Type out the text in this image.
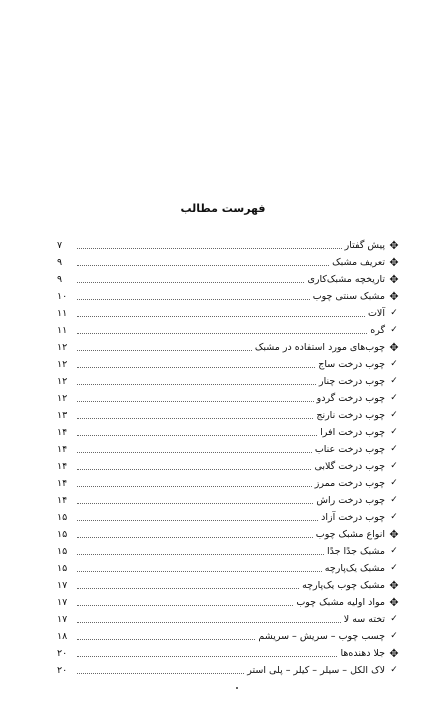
فهرست مطالب
✥
پیش گفتار
۷
✥
تعریف مشبک
۹
✥
تاریخچه مشبک‌کاری
۹
✥
مشبک سنتی چوب
۱۰
✓
آلات
۱۱
✓
گره
۱۱
✥
چوب‌های مورد استفاده در مشبک
۱۲
✓
چوب درخت ساج
۱۲
✓
چوب درخت چنار
۱۲
✓
چوب درخت گردو
۱۲
✓
چوب درخت نارنج
۱۳
✓
چوب درخت افرا
۱۴
✓
چوب درخت عناب
۱۴
✓
چوب درخت گلابی
۱۴
✓
چوب درخت ممرز
۱۴
✓
چوب درخت راش
۱۴
✓
چوب درخت آزاد
۱۵
✥
انواع مشبک چوب
۱۵
✓
مشبک جدًا جدًا
۱۵
✓
مشبک یک‌پارچه
۱۵
✥
مشبک چوب یک‌پارچه
۱۷
✥
مواد اولیه مشبک چوب
۱۷
✓
تخته سه لا
۱۷
✓
چسب چوب – سریش – سریشم
۱۸
✥
جلا دهنده‌ها
۲۰
✓
لاک الکل – سیلر – کیلر – پلی استر
۲۰
